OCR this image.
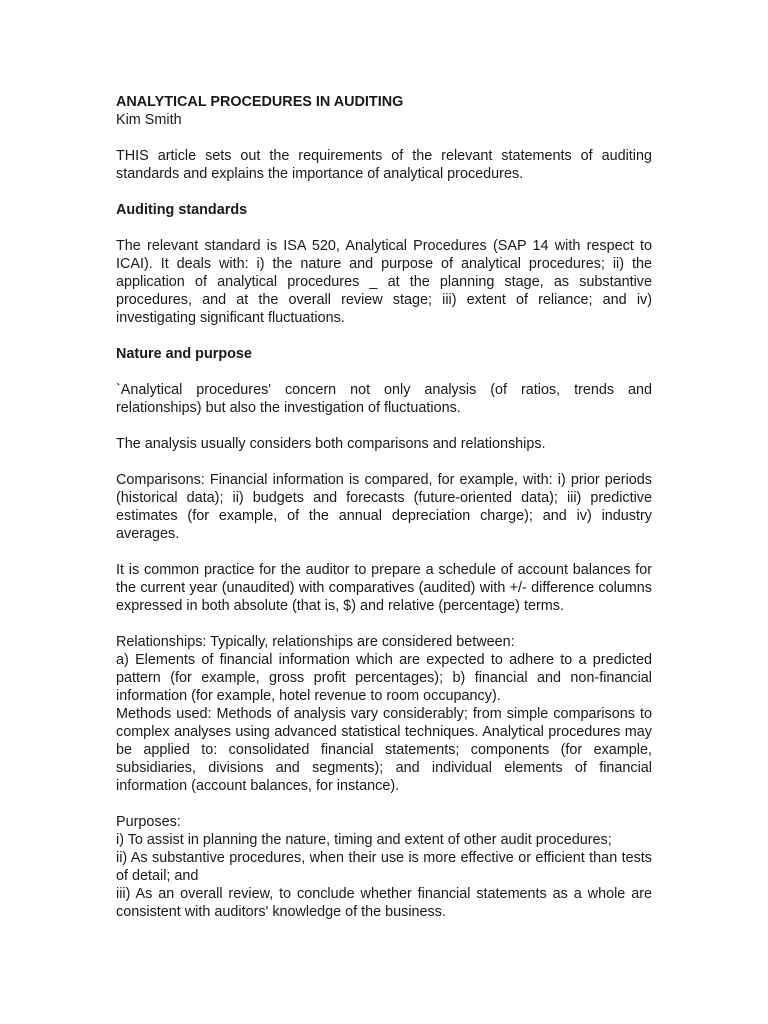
ANALYTICAL PROCEDURES IN AUDITING
Kim Smith

THIS article sets out the requirements of the relevant statements of auditing standards and explains the importance of analytical procedures.

Auditing standards

The relevant standard is ISA 520, Analytical Procedures (SAP 14 with respect to ICAI). It deals with: i) the nature and purpose of analytical procedures; ii) the application of analytical procedures _ at the planning stage, as substantive procedures, and at the overall review stage; iii) extent of reliance; and iv) investigating significant fluctuations.

Nature and purpose

`Analytical procedures' concern not only analysis (of ratios, trends and relationships) but also the investigation of fluctuations.

The analysis usually considers both comparisons and relationships.

Comparisons: Financial information is compared, for example, with: i) prior periods (historical data); ii) budgets and forecasts (future-oriented data); iii) predictive estimates (for example, of the annual depreciation charge); and iv) industry averages.

It is common practice for the auditor to prepare a schedule of account balances for the current year (unaudited) with comparatives (audited) with +/- difference columns expressed in both absolute (that is, $) and relative (percentage) terms.

Relationships: Typically, relationships are considered between:

a) Elements of financial information which are expected to adhere to a predicted pattern (for example, gross profit percentages); b) financial and non-financial information (for example, hotel revenue to room occupancy).

Methods used: Methods of analysis vary considerably; from simple comparisons to complex analyses using advanced statistical techniques. Analytical procedures may be applied to: consolidated financial statements; components (for example, subsidiaries, divisions and segments); and individual elements of financial information (account balances, for instance).

Purposes:

i) To assist in planning the nature, timing and extent of other audit procedures;

ii) As substantive procedures, when their use is more effective or efficient than tests of detail; and

iii) As an overall review, to conclude whether financial statements as a whole are consistent with auditors' knowledge of the business.
